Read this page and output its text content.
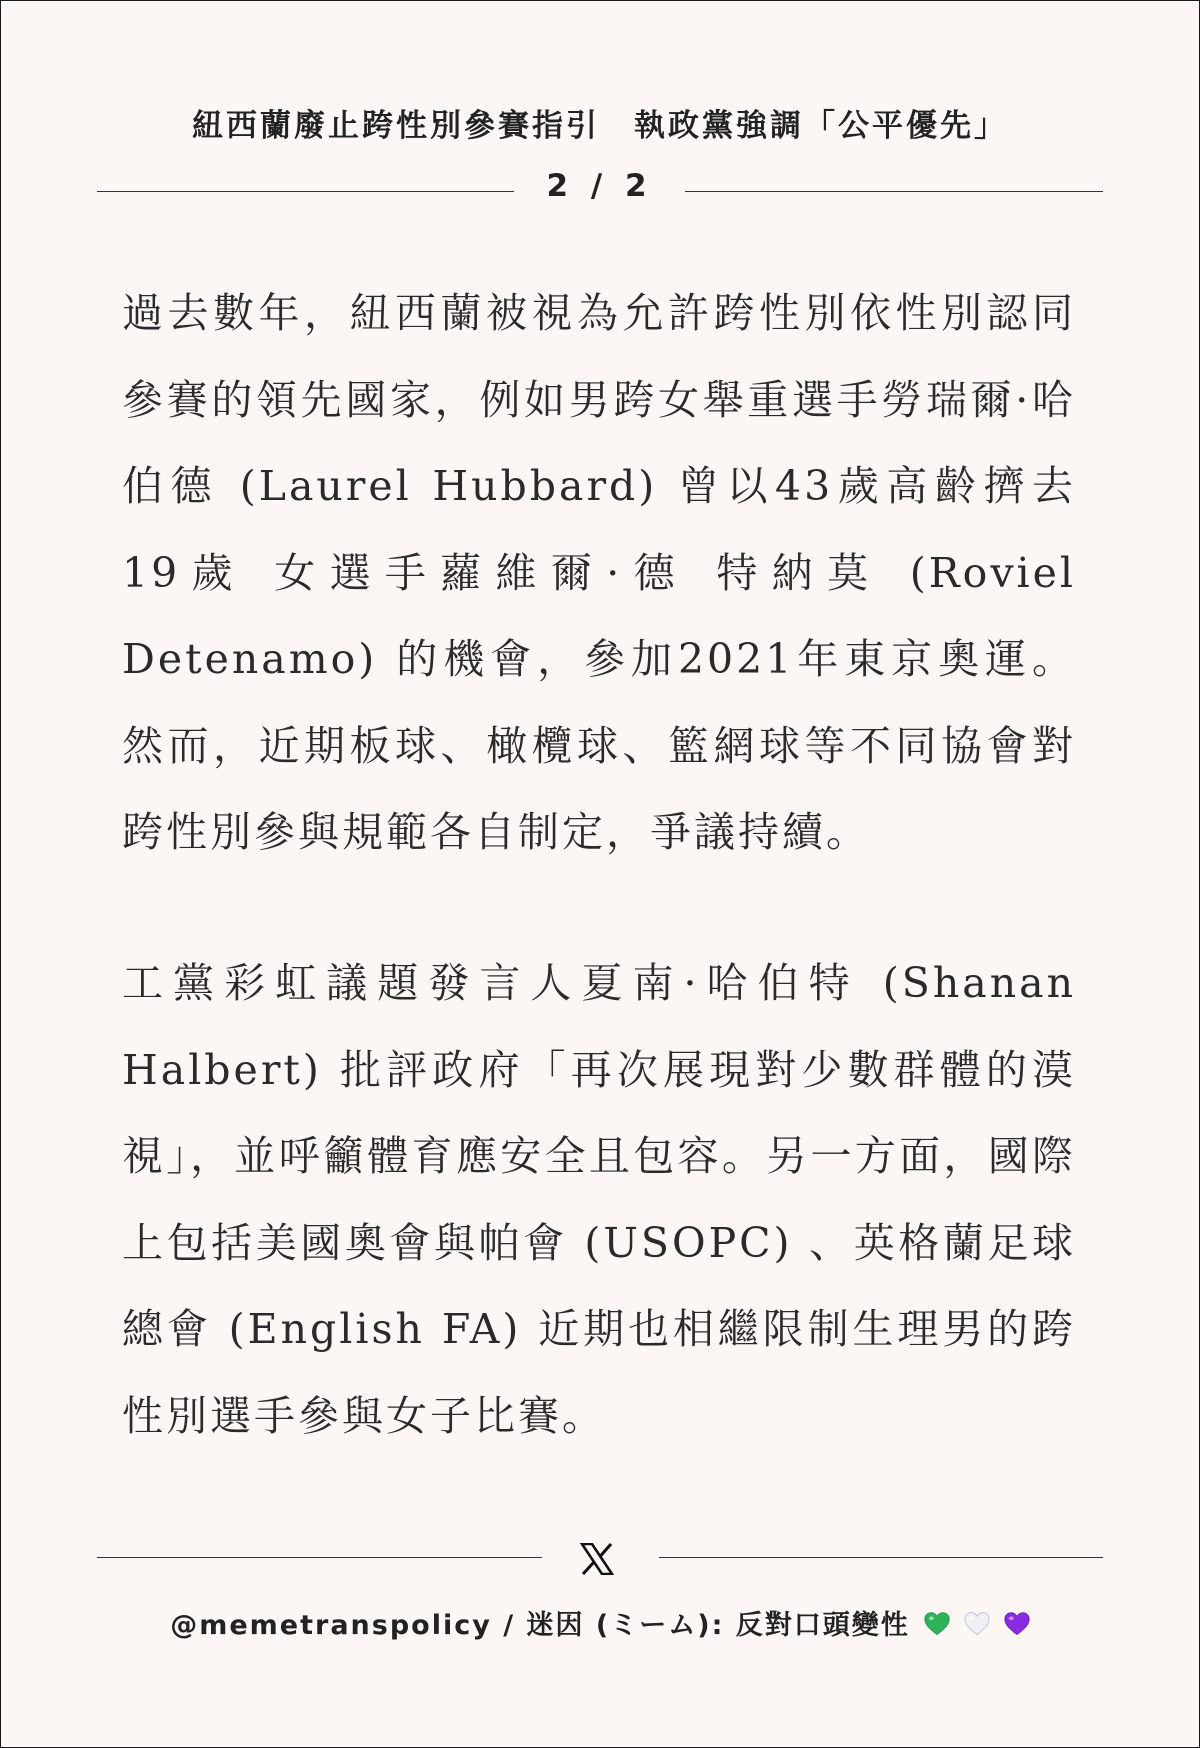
紐西蘭廢止跨性別參賽指引　執政黨強調「公平優先」
2 / 2

過去數年，紐西蘭被視為允許跨性別依性別認同參賽的領先國家，例如男跨女舉重選手勞瑞爾·哈伯德 (Laurel Hubbard) 曾以43歲高齡擠去19歲 女選手蘿維爾·德 特納莫 (Roviel Detenamo) 的機會，參加2021年東京奧運。然而，近期板球、橄欖球、籃網球等不同協會對跨性別參與規範各自制定，爭議持續。

工黨彩虹議題發言人夏南·哈伯特 (Shanan Halbert) 批評政府「再次展現對少數群體的漠視」，並呼籲體育應安全且包容。另一方面，國際上包括美國奧會與帕會 (USOPC) 、英格蘭足球總會 (English FA) 近期也相繼限制生理男的跨性別選手參與女子比賽。

@memetranspolicy / 迷因 (ミーム): 反對口頭變性
